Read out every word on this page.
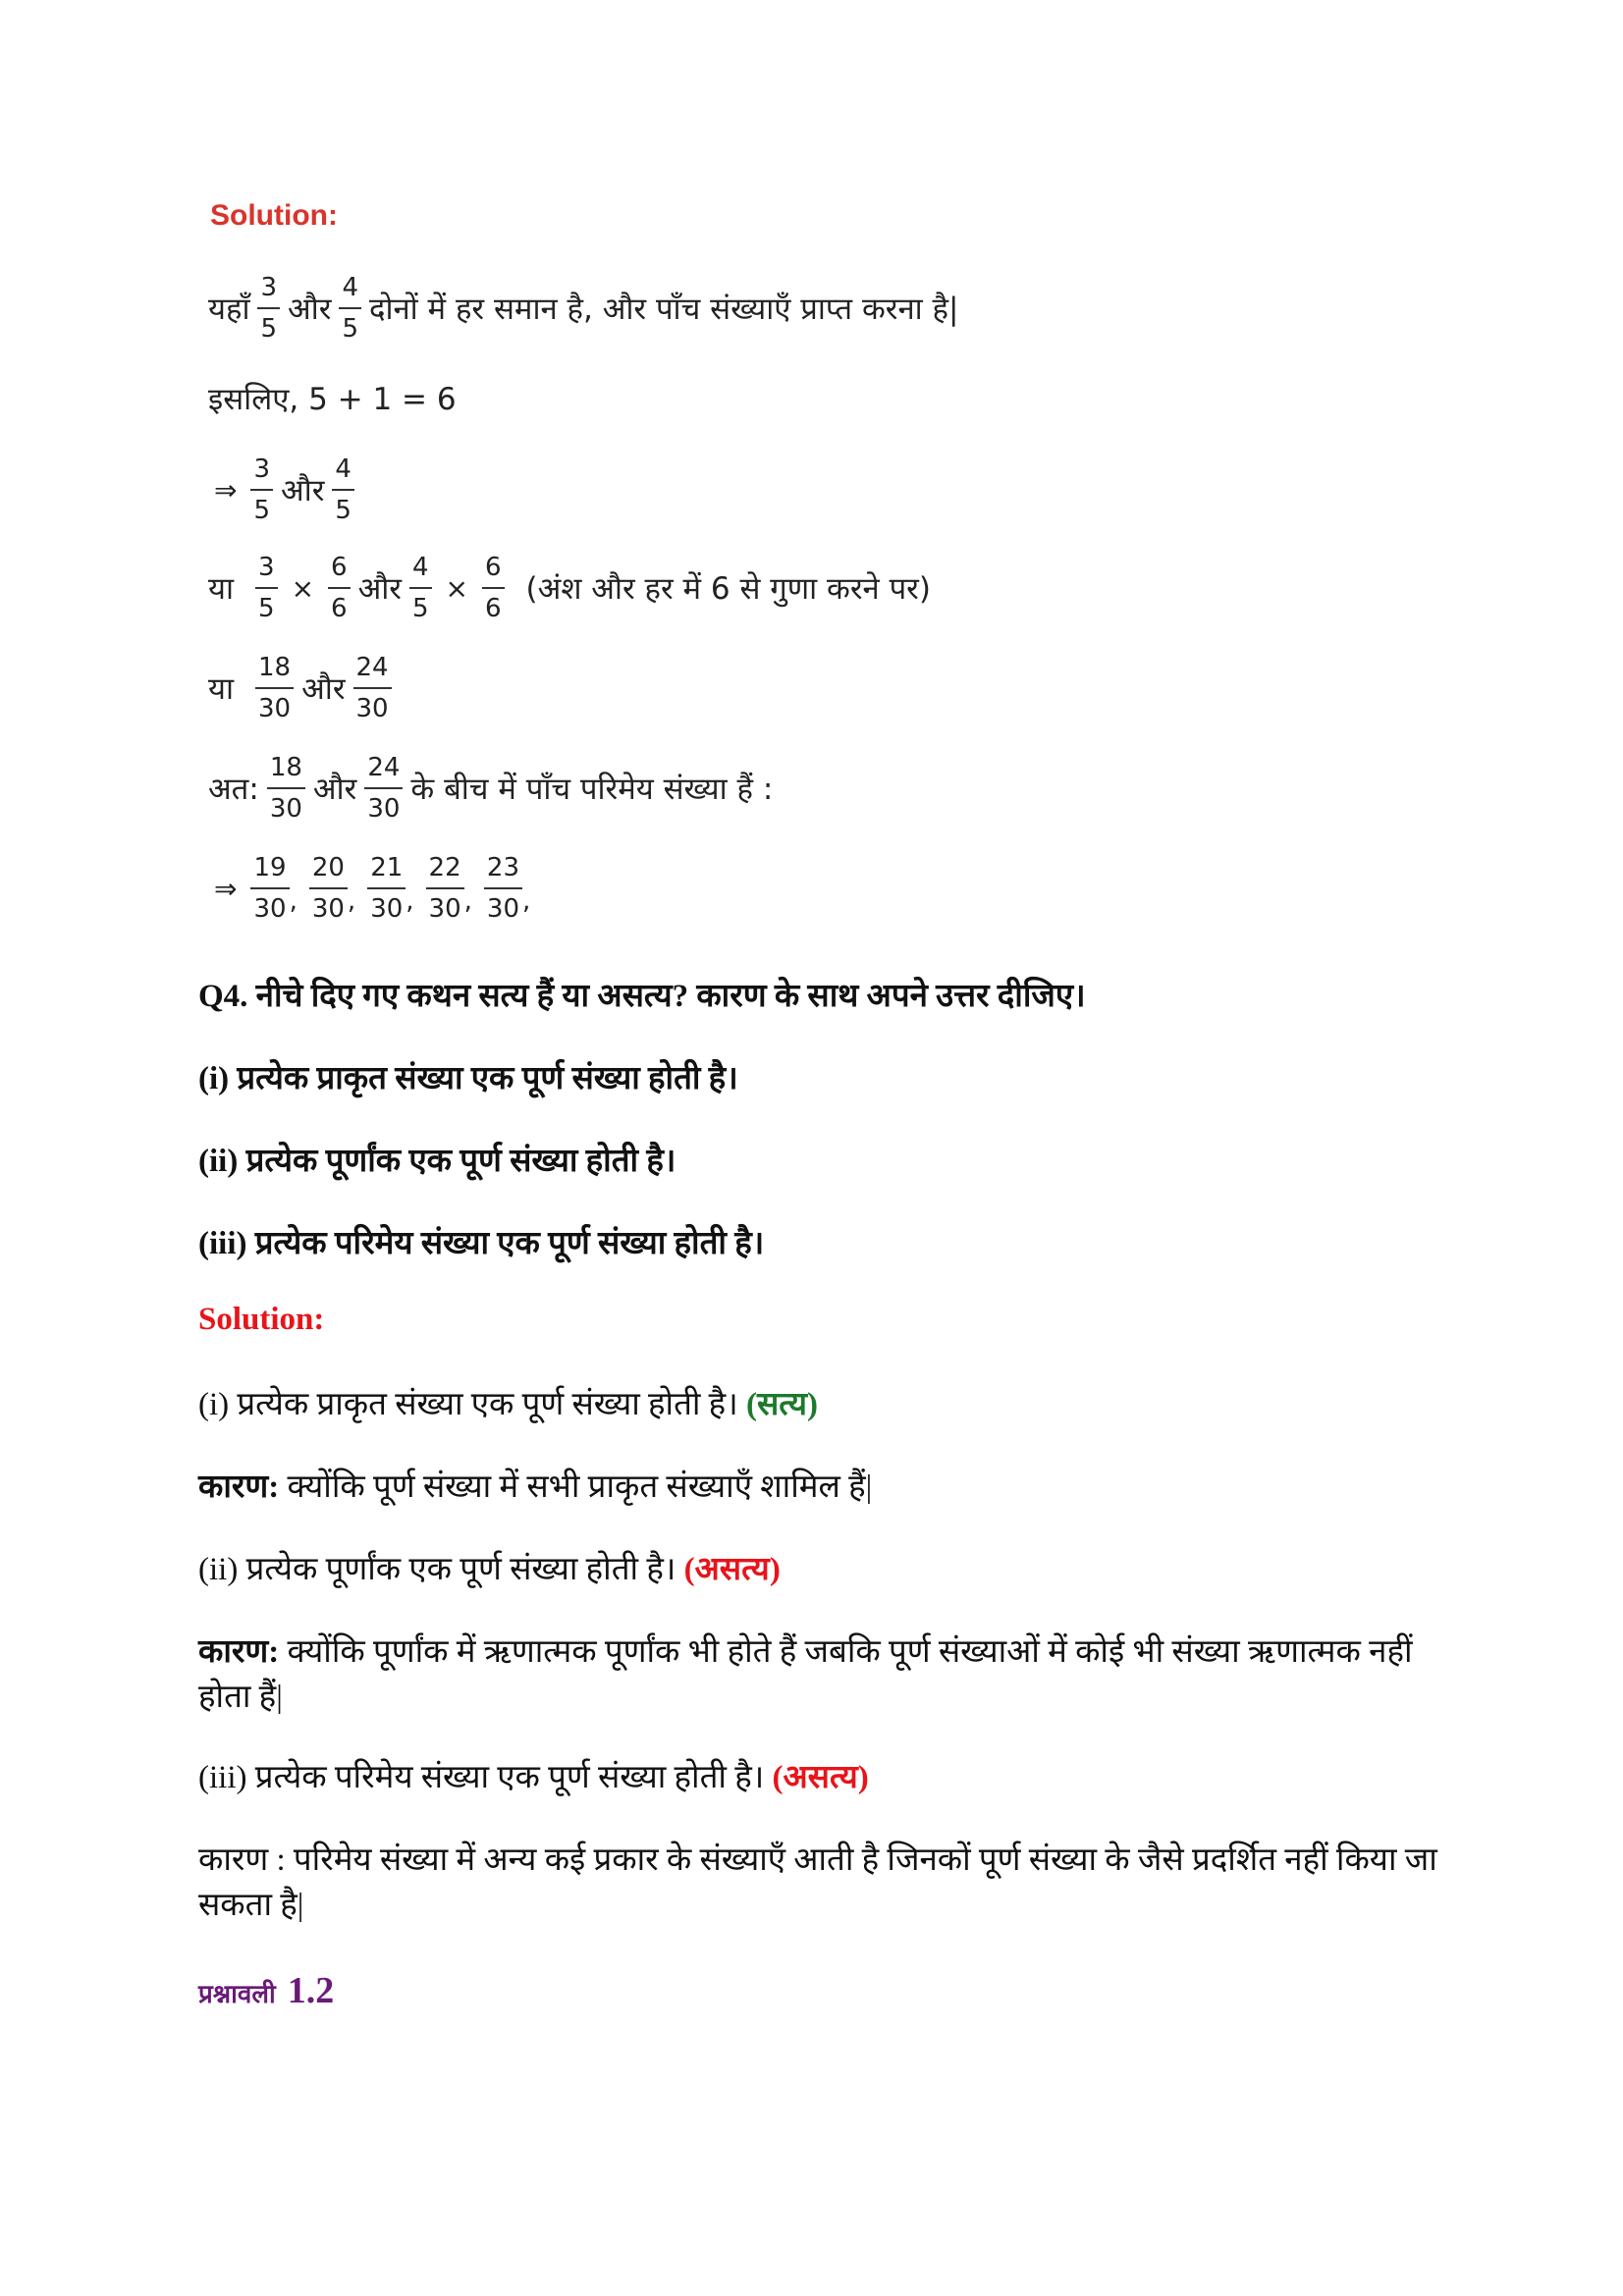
Solution:
यहाँ $\frac{3}{5}$ और $\frac{4}{5}$ दोनों में हर समान है, और पाँच संख्याएँ प्राप्त करना है|
इसलिए, 5 + 1 = 6
⇒ $\frac{3}{5}$ और $\frac{4}{5}$
या $\frac{3}{5} \times \frac{6}{6}$ और $\frac{4}{5} \times \frac{6}{6}$ (अंश और हर में 6 से गुणा करने पर)
या $\frac{18}{30}$ और $\frac{24}{30}$
अत: $\frac{18}{30}$ और $\frac{24}{30}$ के बीच में पाँच परिमेय संख्या हैं :
⇒ $\frac{19}{30}$ , $\frac{20}{30}$ , $\frac{21}{30}$ , $\frac{22}{30}$ , $\frac{23}{30}$ ,
Q4. नीचे दिए गए कथन सत्य हैं या असत्य? कारण के साथ अपने उत्तर दीजिए।
(i) प्रत्येक प्राकृत संख्या एक पूर्ण संख्या होती है।
(ii) प्रत्येक पूर्णांक एक पूर्ण संख्या होती है।
(iii) प्रत्येक परिमेय संख्या एक पूर्ण संख्या होती है।
Solution:
(i) प्रत्येक प्राकृत संख्या एक पूर्ण संख्या होती है। (सत्य)
कारण: क्योंकि पूर्ण संख्या में सभी प्राकृत संख्याएँ शामिल हैं|
(ii) प्रत्येक पूर्णांक एक पूर्ण संख्या होती है। (असत्य)
कारण: क्योंकि पूर्णांक में ऋणात्मक पूर्णांक भी होते हैं जबकि पूर्ण संख्याओं में कोई भी संख्या ऋणात्मक नहीं होता हैं|
(iii) प्रत्येक परिमेय संख्या एक पूर्ण संख्या होती है। (असत्य)
कारण : परिमेय संख्या में अन्य कई प्रकार के संख्याएँ आती है जिनकों पूर्ण संख्या के जैसे प्रदर्शित नहीं किया जा सकता है|
प्रश्नावली 1.2
